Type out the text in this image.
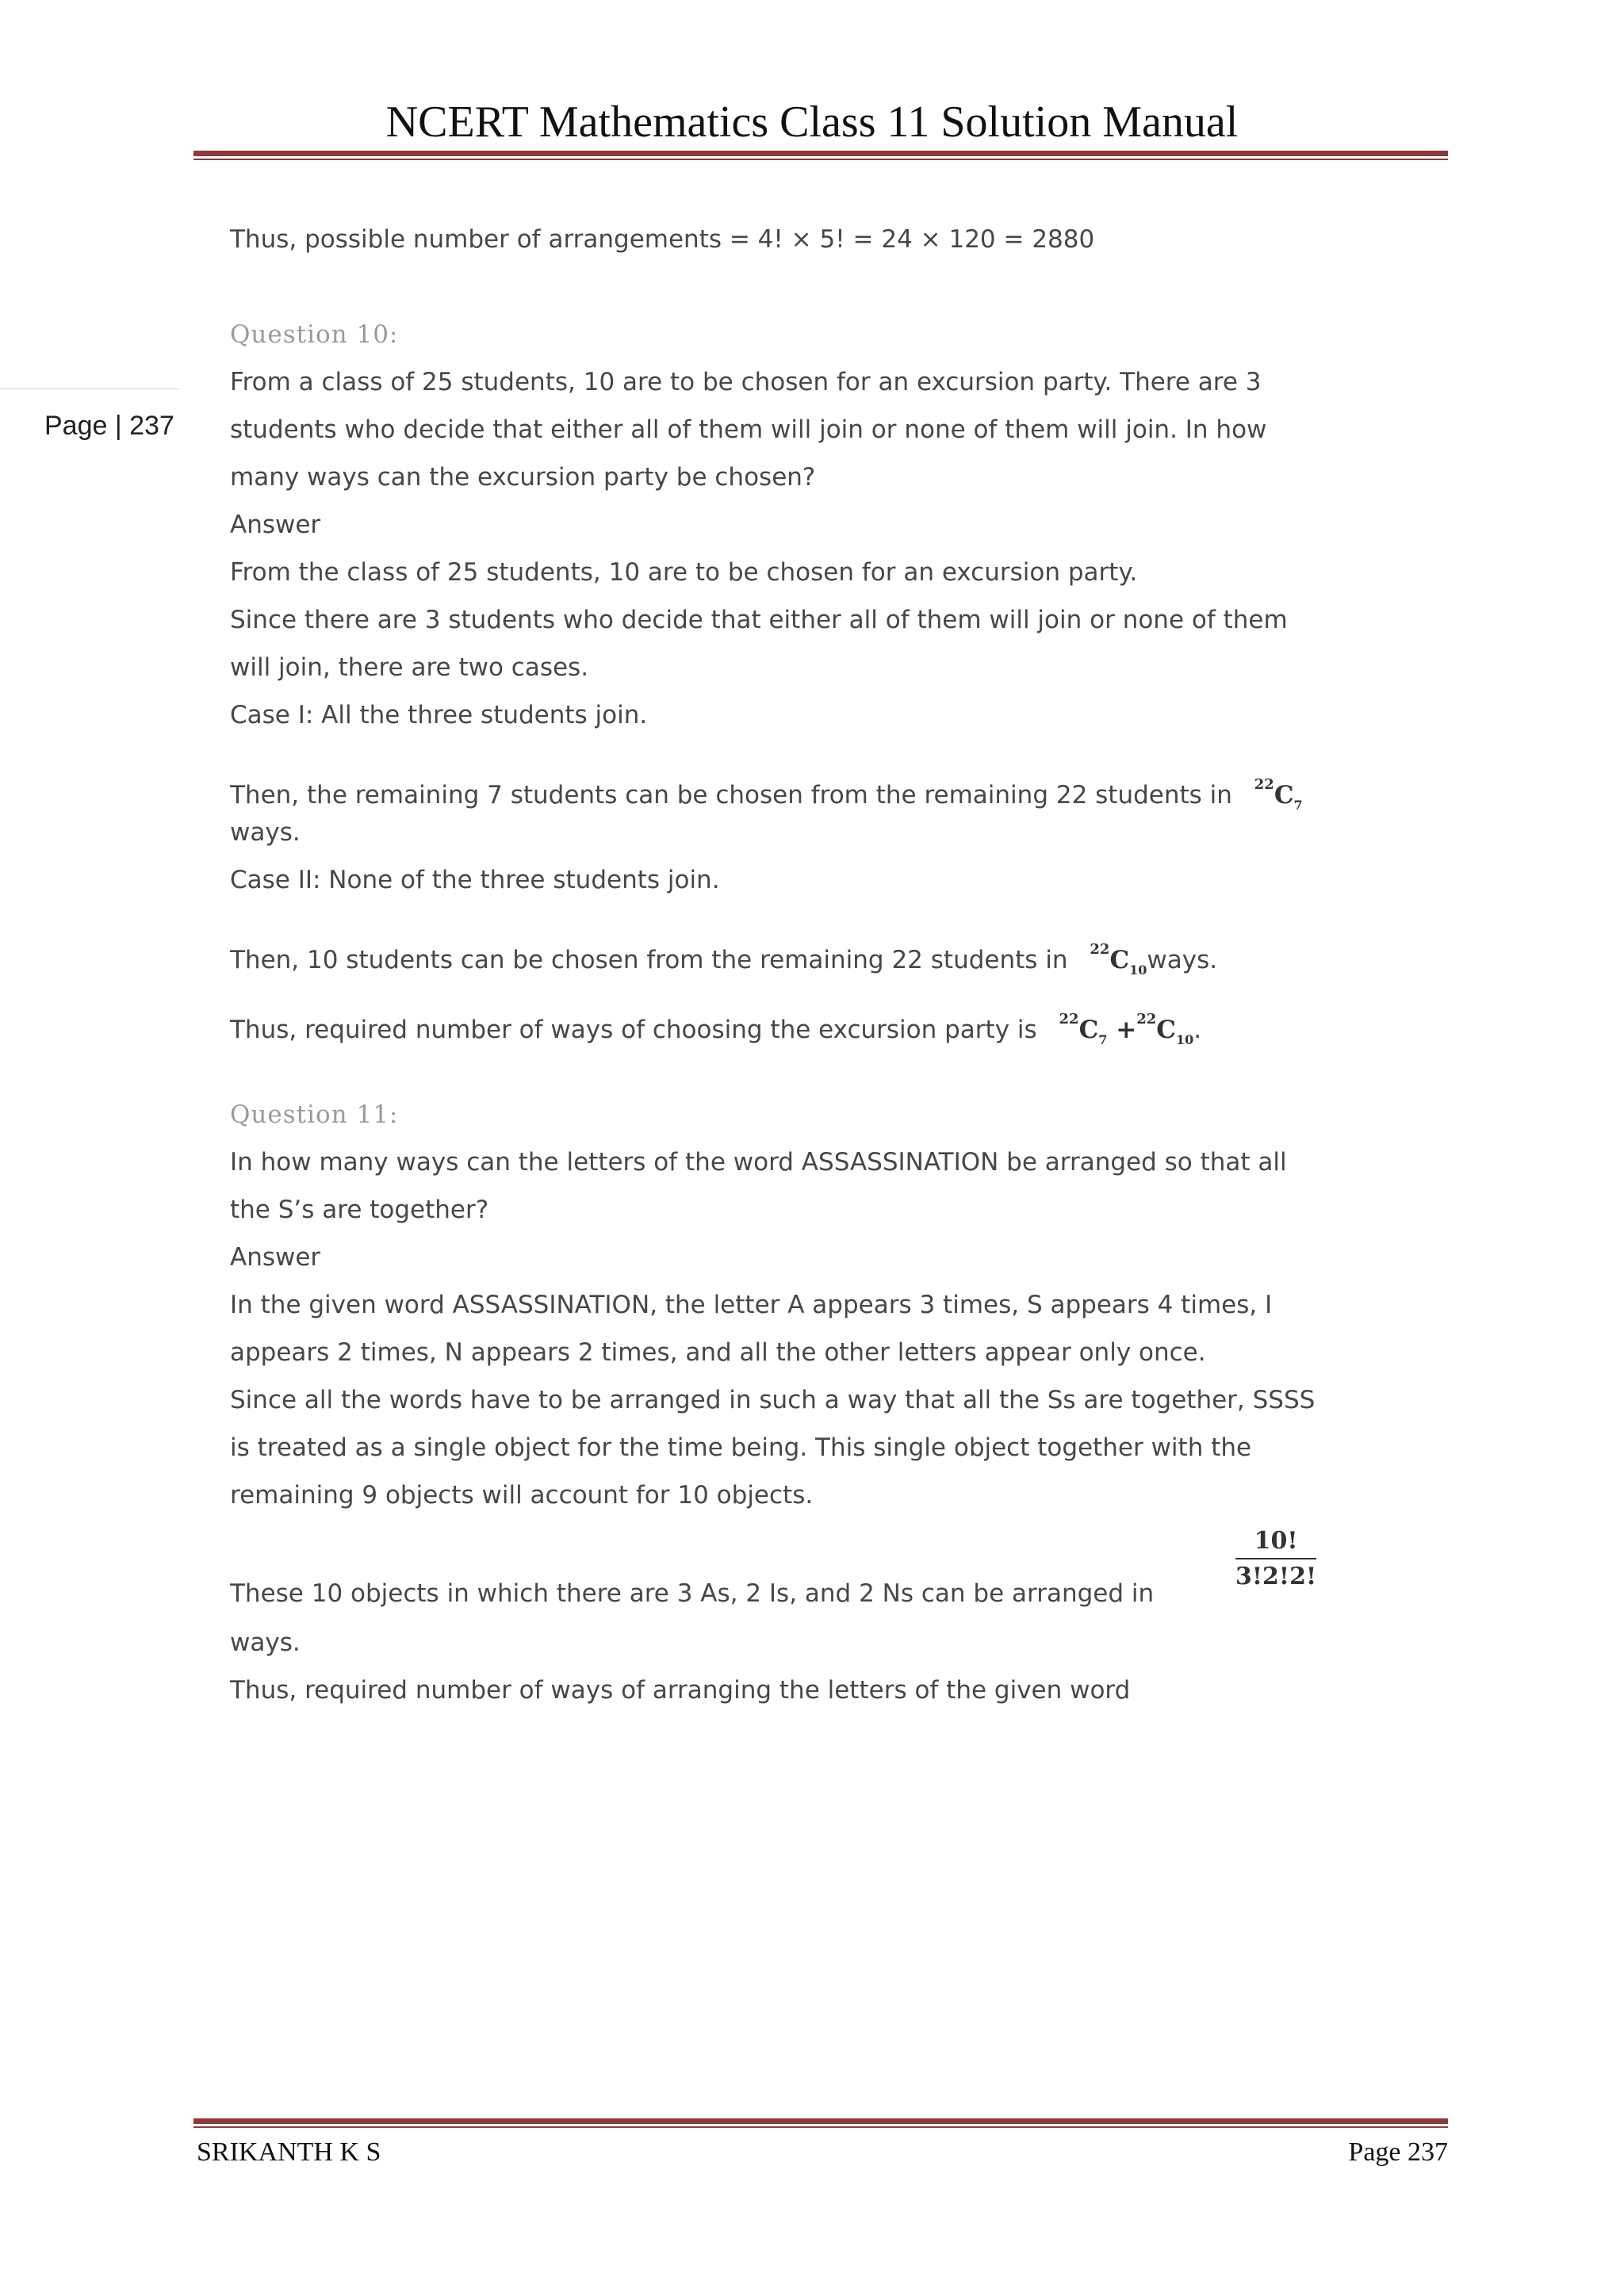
NCERT Mathematics Class 11 Solution Manual
Page | 237
Thus, possible number of arrangements = 4! × 5! = 24 × 120 = 2880
Question 10:
From a class of 25 students, 10 are to be chosen for an excursion party. There are 3
students who decide that either all of them will join or none of them will join. In how
many ways can the excursion party be chosen?
Answer
From the class of 25 students, 10 are to be chosen for an excursion party.
Since there are 3 students who decide that either all of them will join or none of them
will join, there are two cases.
Case I: All the three students join.
Then, the remaining 7 students can be chosen from the remaining 22 students in $^{22}C_7$
ways.
Case II: None of the three students join.
Then, 10 students can be chosen from the remaining 22 students in $^{22}C_{10}ways$.
Thus, required number of ways of choosing the excursion party is $^{22}C_7 +^{22}C_{10}$.
Question 11:
In how many ways can the letters of the word ASSASSINATION be arranged so that all
the S’s are together?
Answer
In the given word ASSASSINATION, the letter A appears 3 times, S appears 4 times, I
appears 2 times, N appears 2 times, and all the other letters appear only once.
Since all the words have to be arranged in such a way that all the Ss are together, SSSS
is treated as a single object for the time being. This single object together with the
remaining 9 objects will account for 10 objects.
These 10 objects in which there are 3 As, 2 Is, and 2 Ns can be arranged in
$\frac{10!}{3!2!2!}$
ways.
Thus, required number of ways of arranging the letters of the given word
SRIKANTH K S	Page 237
